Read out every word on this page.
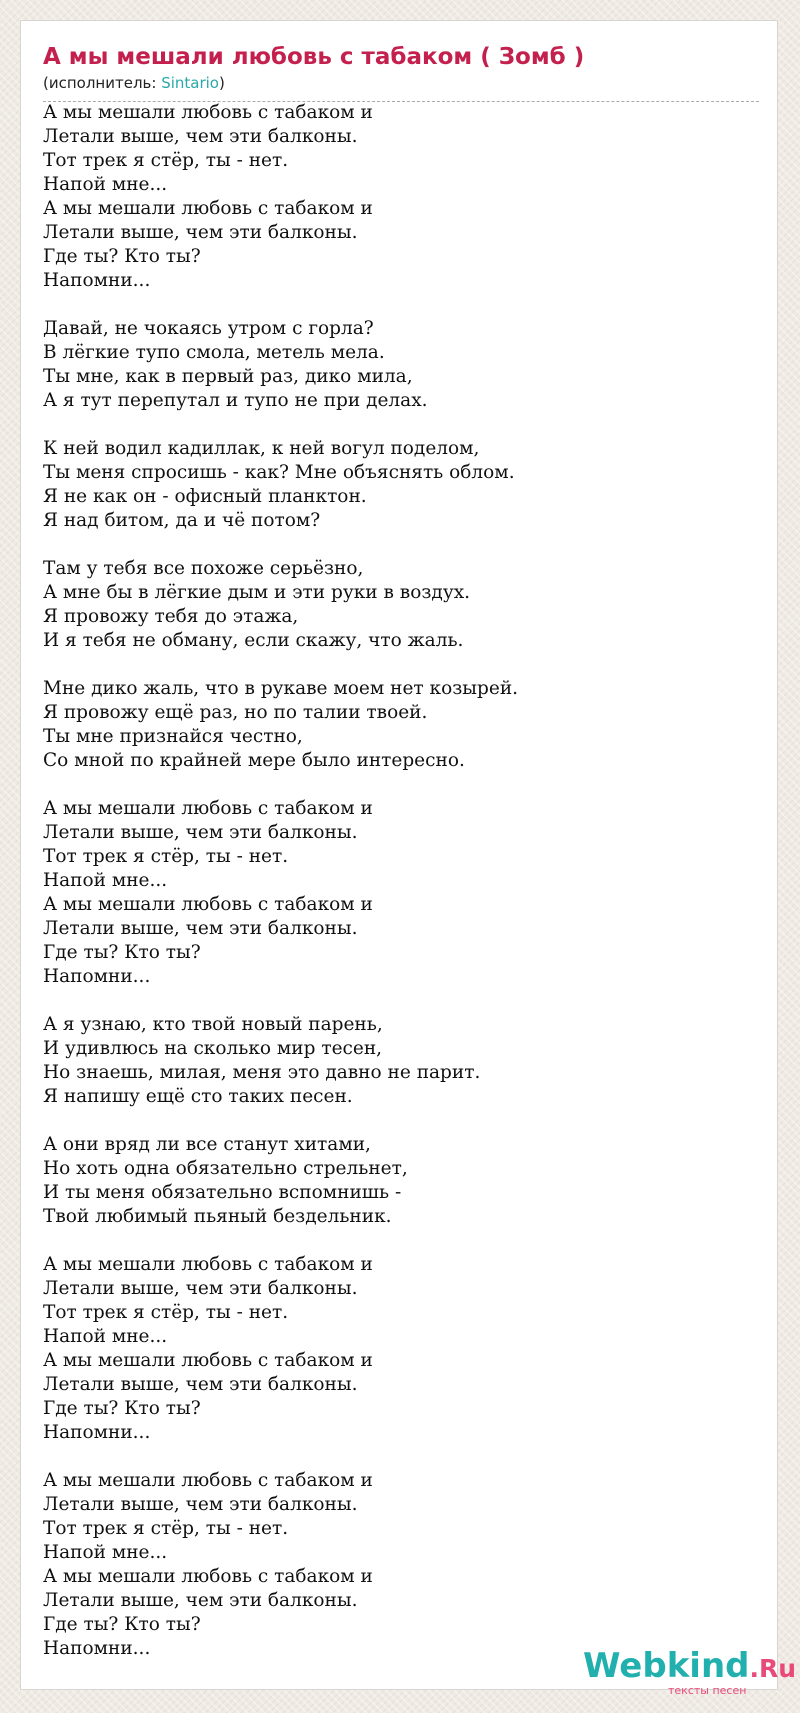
А мы мешали любовь с табаком ( Зомб )
(исполнитель: Sintario)
А мы мешали любовь с табаком и
Летали выше, чем эти балконы.
Тот трек я стёр, ты - нет.
Напой мне...
А мы мешали любовь с табаком и
Летали выше, чем эти балконы.
Где ты? Кто ты?
Напомни...
Давай, не чокаясь утром с горла?
В лёгкие тупо смола, метель мела.
Ты мне, как в первый раз, дико мила,
А я тут перепутал и тупо не при делах.
К ней водил кадиллак, к ней вогул поделом,
Ты меня спросишь - как? Мне объяснять облом.
Я не как он - офисный планктон.
Я над битом, да и чё потом?
Там у тебя все похоже серьёзно,
А мне бы в лёгкие дым и эти руки в воздух.
Я провожу тебя до этажа,
И я тебя не обману, если скажу, что жаль.
Мне дико жаль, что в рукаве моем нет козырей.
Я провожу ещё раз, но по талии твоей.
Ты мне признайся честно,
Со мной по крайней мере было интересно.
А мы мешали любовь с табаком и
Летали выше, чем эти балконы.
Тот трек я стёр, ты - нет.
Напой мне...
А мы мешали любовь с табаком и
Летали выше, чем эти балконы.
Где ты? Кто ты?
Напомни...
А я узнаю, кто твой новый парень,
И удивлюсь на сколько мир тесен,
Но знаешь, милая, меня это давно не парит.
Я напишу ещё сто таких песен.
А они вряд ли все станут хитами,
Но хоть одна обязательно стрельнет,
И ты меня обязательно вспомнишь -
Твой любимый пьяный бездельник.
А мы мешали любовь с табаком и
Летали выше, чем эти балконы.
Тот трек я стёр, ты - нет.
Напой мне...
А мы мешали любовь с табаком и
Летали выше, чем эти балконы.
Где ты? Кто ты?
Напомни...
А мы мешали любовь с табаком и
Летали выше, чем эти балконы.
Тот трек я стёр, ты - нет.
Напой мне...
А мы мешали любовь с табаком и
Летали выше, чем эти балконы.
Где ты? Кто ты?
Напомни...	Webkind.Ru
тексты песен
